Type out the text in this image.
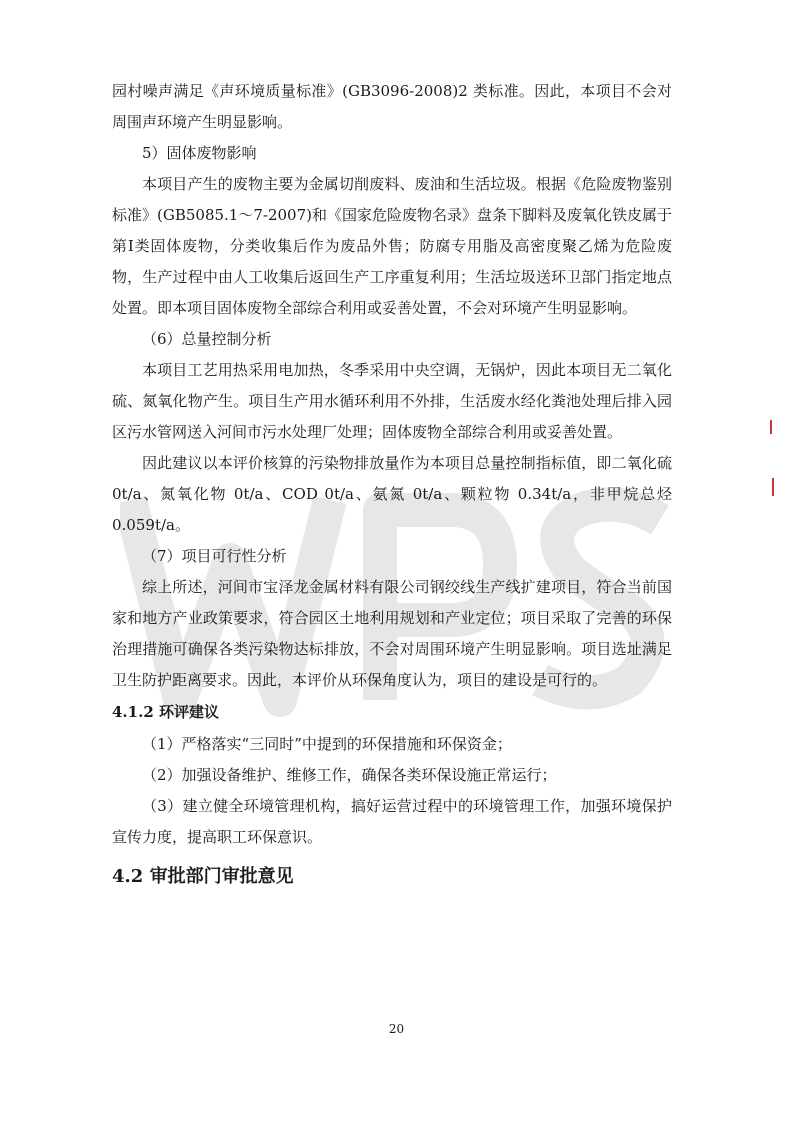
园村噪声满足《声环境质量标准》(GB3096-2008)2 类标准。因此，本项目不会对周围声环境产生明显影响。

5）固体废物影响

本项目产生的废物主要为金属切削废料、废油和生活垃圾。根据《危险废物鉴别标准》(GB5085.1～7-2007)和《国家危险废物名录》盘条下脚料及废氧化铁皮属于第Ⅰ类固体废物，分类收集后作为废品外售；防腐专用脂及高密度聚乙烯为危险废物，生产过程中由人工收集后返回生产工序重复利用；生活垃圾送环卫部门指定地点处置。即本项目固体废物全部综合利用或妥善处置，不会对环境产生明显影响。

（6）总量控制分析

本项目工艺用热采用电加热，冬季采用中央空调，无锅炉，因此本项目无二氧化硫、氮氧化物产生。项目生产用水循环利用不外排，生活废水经化粪池处理后排入园区污水管网送入河间市污水处理厂处理；固体废物全部综合利用或妥善处置。

因此建议以本评价核算的污染物排放量作为本项目总量控制指标值，即二氧化硫 0t/a、氮氧化物 0t/a、COD 0t/a、氨氮 0t/a、颗粒物 0.34t/a，非甲烷总烃 0.059t/a。

（7）项目可行性分析

综上所述，河间市宝泽龙金属材料有限公司钢绞线生产线扩建项目，符合当前国家和地方产业政策要求，符合园区土地利用规划和产业定位；项目采取了完善的环保治理措施可确保各类污染物达标排放，不会对周围环境产生明显影响。项目选址满足卫生防护距离要求。因此，本评价从环保角度认为，项目的建设是可行的。

4.1.2 环评建议

（1）严格落实“三同时”中提到的环保措施和环保资金；

（2）加强设备维护、维修工作，确保各类环保设施正常运行；

（3）建立健全环境管理机构，搞好运营过程中的环境管理工作，加强环境保护宣传力度，提高职工环保意识。

4.2 审批部门审批意见
20
